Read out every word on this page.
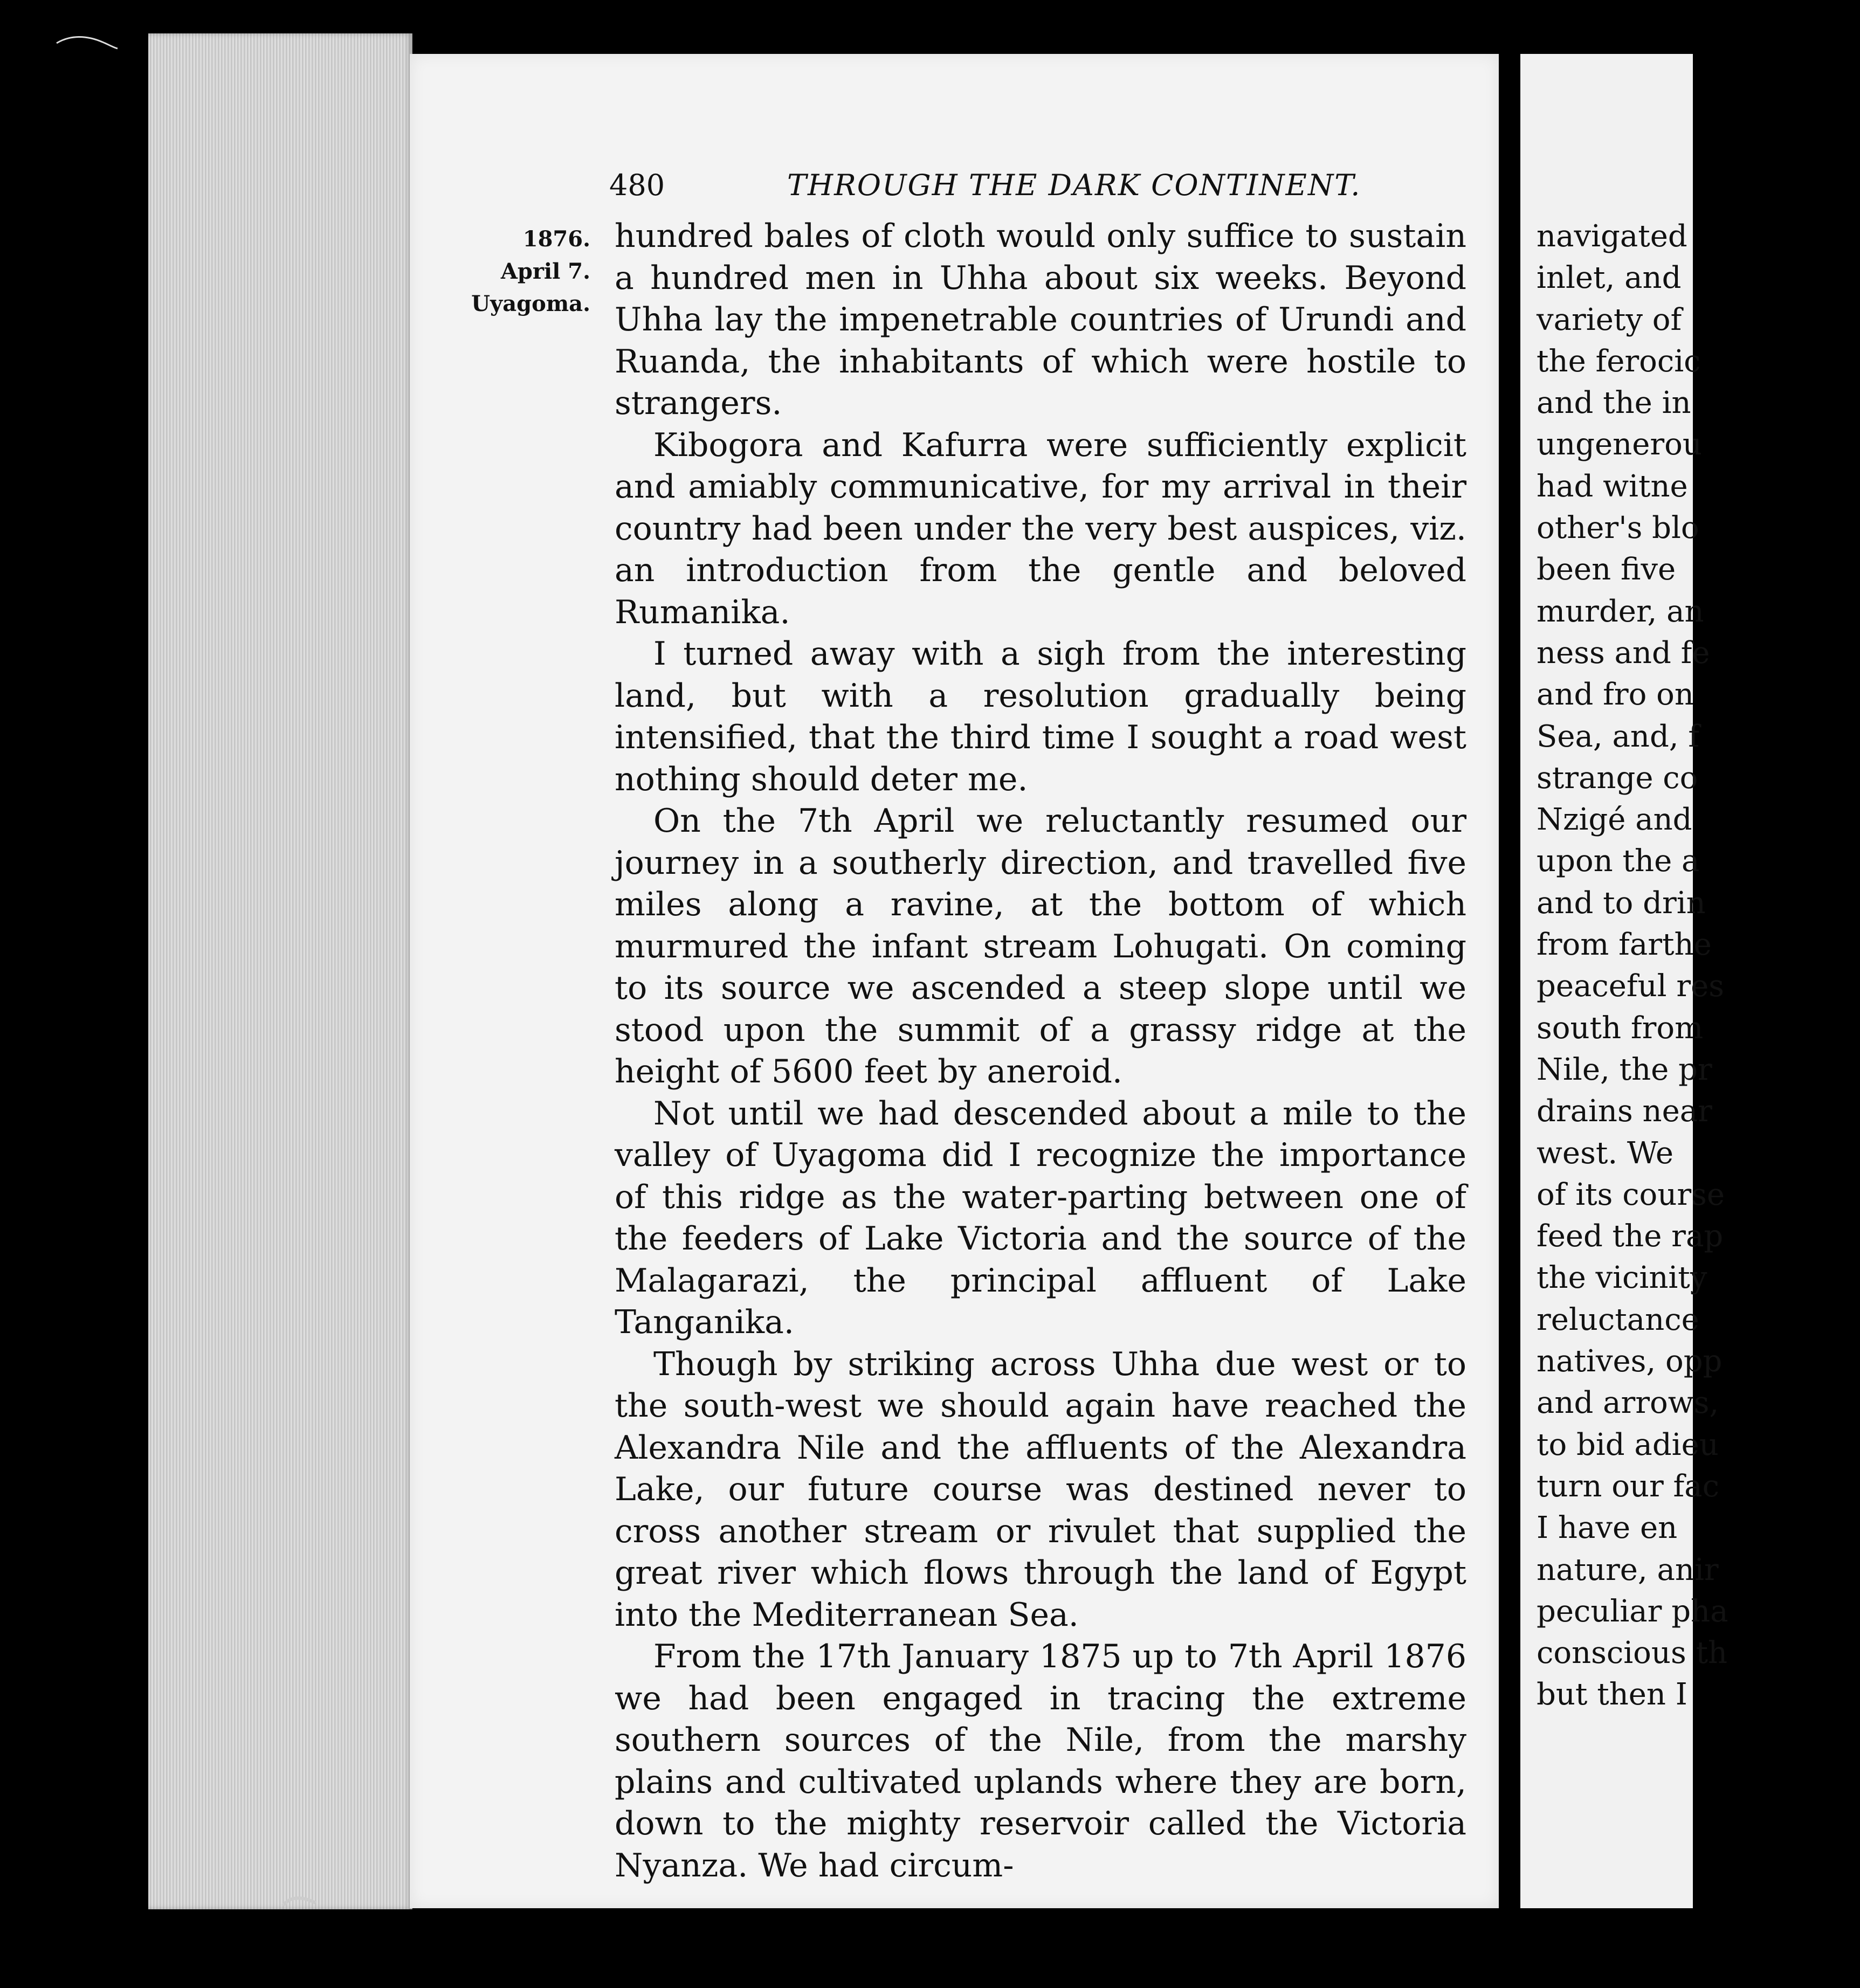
480	THROUGH THE DARK CONTINENT.
1876.
April 7.
Uyagoma.

hundred bales of cloth would only suffice to sustain a hundred men in Uhha about six weeks. Beyond Uhha lay the impenetrable countries of Urundi and Ruanda, the inhabitants of which were hostile to strangers.

Kibogora and Kafurra were sufficiently explicit and amiably communicative, for my arrival in their country had been under the very best auspices, viz. an introduction from the gentle and beloved Rumanika.

I turned away with a sigh from the interesting land, but with a resolution gradually being intensified, that the third time I sought a road west nothing should deter me.

On the 7th April we reluctantly resumed our journey in a southerly direction, and travelled five miles along a ravine, at the bottom of which murmured the infant stream Lohugati. On coming to its source we ascended a steep slope until we stood upon the summit of a grassy ridge at the height of 5600 feet by aneroid.

Not until we had descended about a mile to the valley of Uyagoma did I recognize the importance of this ridge as the water-parting between one of the feeders of Lake Victoria and the source of the Malagarazi, the principal affluent of Lake Tanganika.

Though by striking across Uhha due west or to the south-west we should again have reached the Alexandra Nile and the affluents of the Alexandra Lake, our future course was destined never to cross another stream or rivulet that supplied the great river which flows through the land of Egypt into the Mediterranean Sea.

From the 17th January 1875 up to 7th April 1876 we had been engaged in tracing the extreme southern sources of the Nile, from the marshy plains and cultivated uplands where they are born, down to the mighty reservoir called the Victoria Nyanza. We had circum-

navigated
inlet, and
variety of
the ferocic
and the in
ungenerou
had witne
other's blo
been five
murder, an
ness and fe
and fro on
Sea, and, f
strange co
Nzigé and
upon the a
and to drin
from farthe
peaceful res
south from
Nile, the pr
drains near
west. We
of its course
feed the rap
the vicinity
reluctance
natives, opp
and arrows,
to bid adieu
turn our fac
I have en
nature, anir
peculiar pha
conscious th
but then I
